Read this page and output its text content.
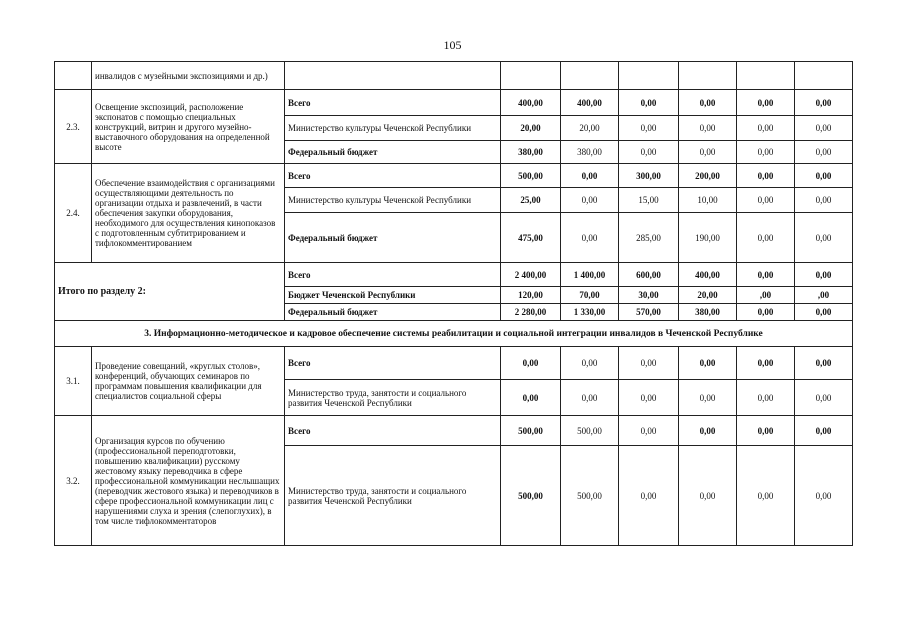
105
	инвалидов с музейными экспозициями и др.)							
2.3.	Освещение экспозиций, расположение экспонатов с помощью специальных конструкций, витрин и другого музейно-выставочного оборудования на определенной высоте	Всего	400,00	400,00	0,00	0,00	0,00	0,00
		Министерство культуры Чеченской Республики	20,00	20,00	0,00	0,00	0,00	0,00
		Федеральный бюджет	380,00	380,00	0,00	0,00	0,00	0,00
2.4.	Обеспечение взаимодействия с организациями осуществляющими деятельность по организации отдыха и развлечений, в части обеспечения закупки оборудования, необходимого для осуществления кинопоказов с подготовленным субтитрированием и тифлокомментированием	Всего	500,00	0,00	300,00	200,00	0,00	0,00
		Министерство культуры Чеченской Республики	25,00	0,00	15,00	10,00	0,00	0,00
		Федеральный бюджет	475,00	0,00	285,00	190,00	0,00	0,00
Итого по разделу 2:		Всего	2 400,00	1 400,00	600,00	400,00	0,00	0,00
		Бюджет Чеченской Республики	120,00	70,00	30,00	20,00	,00	,00
		Федеральный бюджет	2 280,00	1 330,00	570,00	380,00	0,00	0,00
3. Информационно-методическое и кадровое обеспечение системы реабилитации и социальной интеграции инвалидов в Чеченской Республике								
3.1.	Проведение совещаний, «круглых столов», конференций, обучающих семинаров по программам повышения квалификации для специалистов социальной сферы	Всего	0,00	0,00	0,00	0,00	0,00	0,00
		Министерство труда, занятости и социального развития Чеченской Республики	0,00	0,00	0,00	0,00	0,00	0,00
3.2.	Организация курсов по обучению (профессиональной переподготовки, повышению квалификации) русскому жестовому языку переводчика в сфере профессиональной коммуникации неслышащих (переводчик жестового языка) и переводчиков в сфере профессиональной коммуникации лиц с нарушениями слуха и зрения (слепоглухих), в том числе тифлокомментаторов	Всего	500,00	500,00	0,00	0,00	0,00	0,00
		Министерство труда, занятости и социального развития Чеченской Республики	500,00	500,00	0,00	0,00	0,00	0,00
